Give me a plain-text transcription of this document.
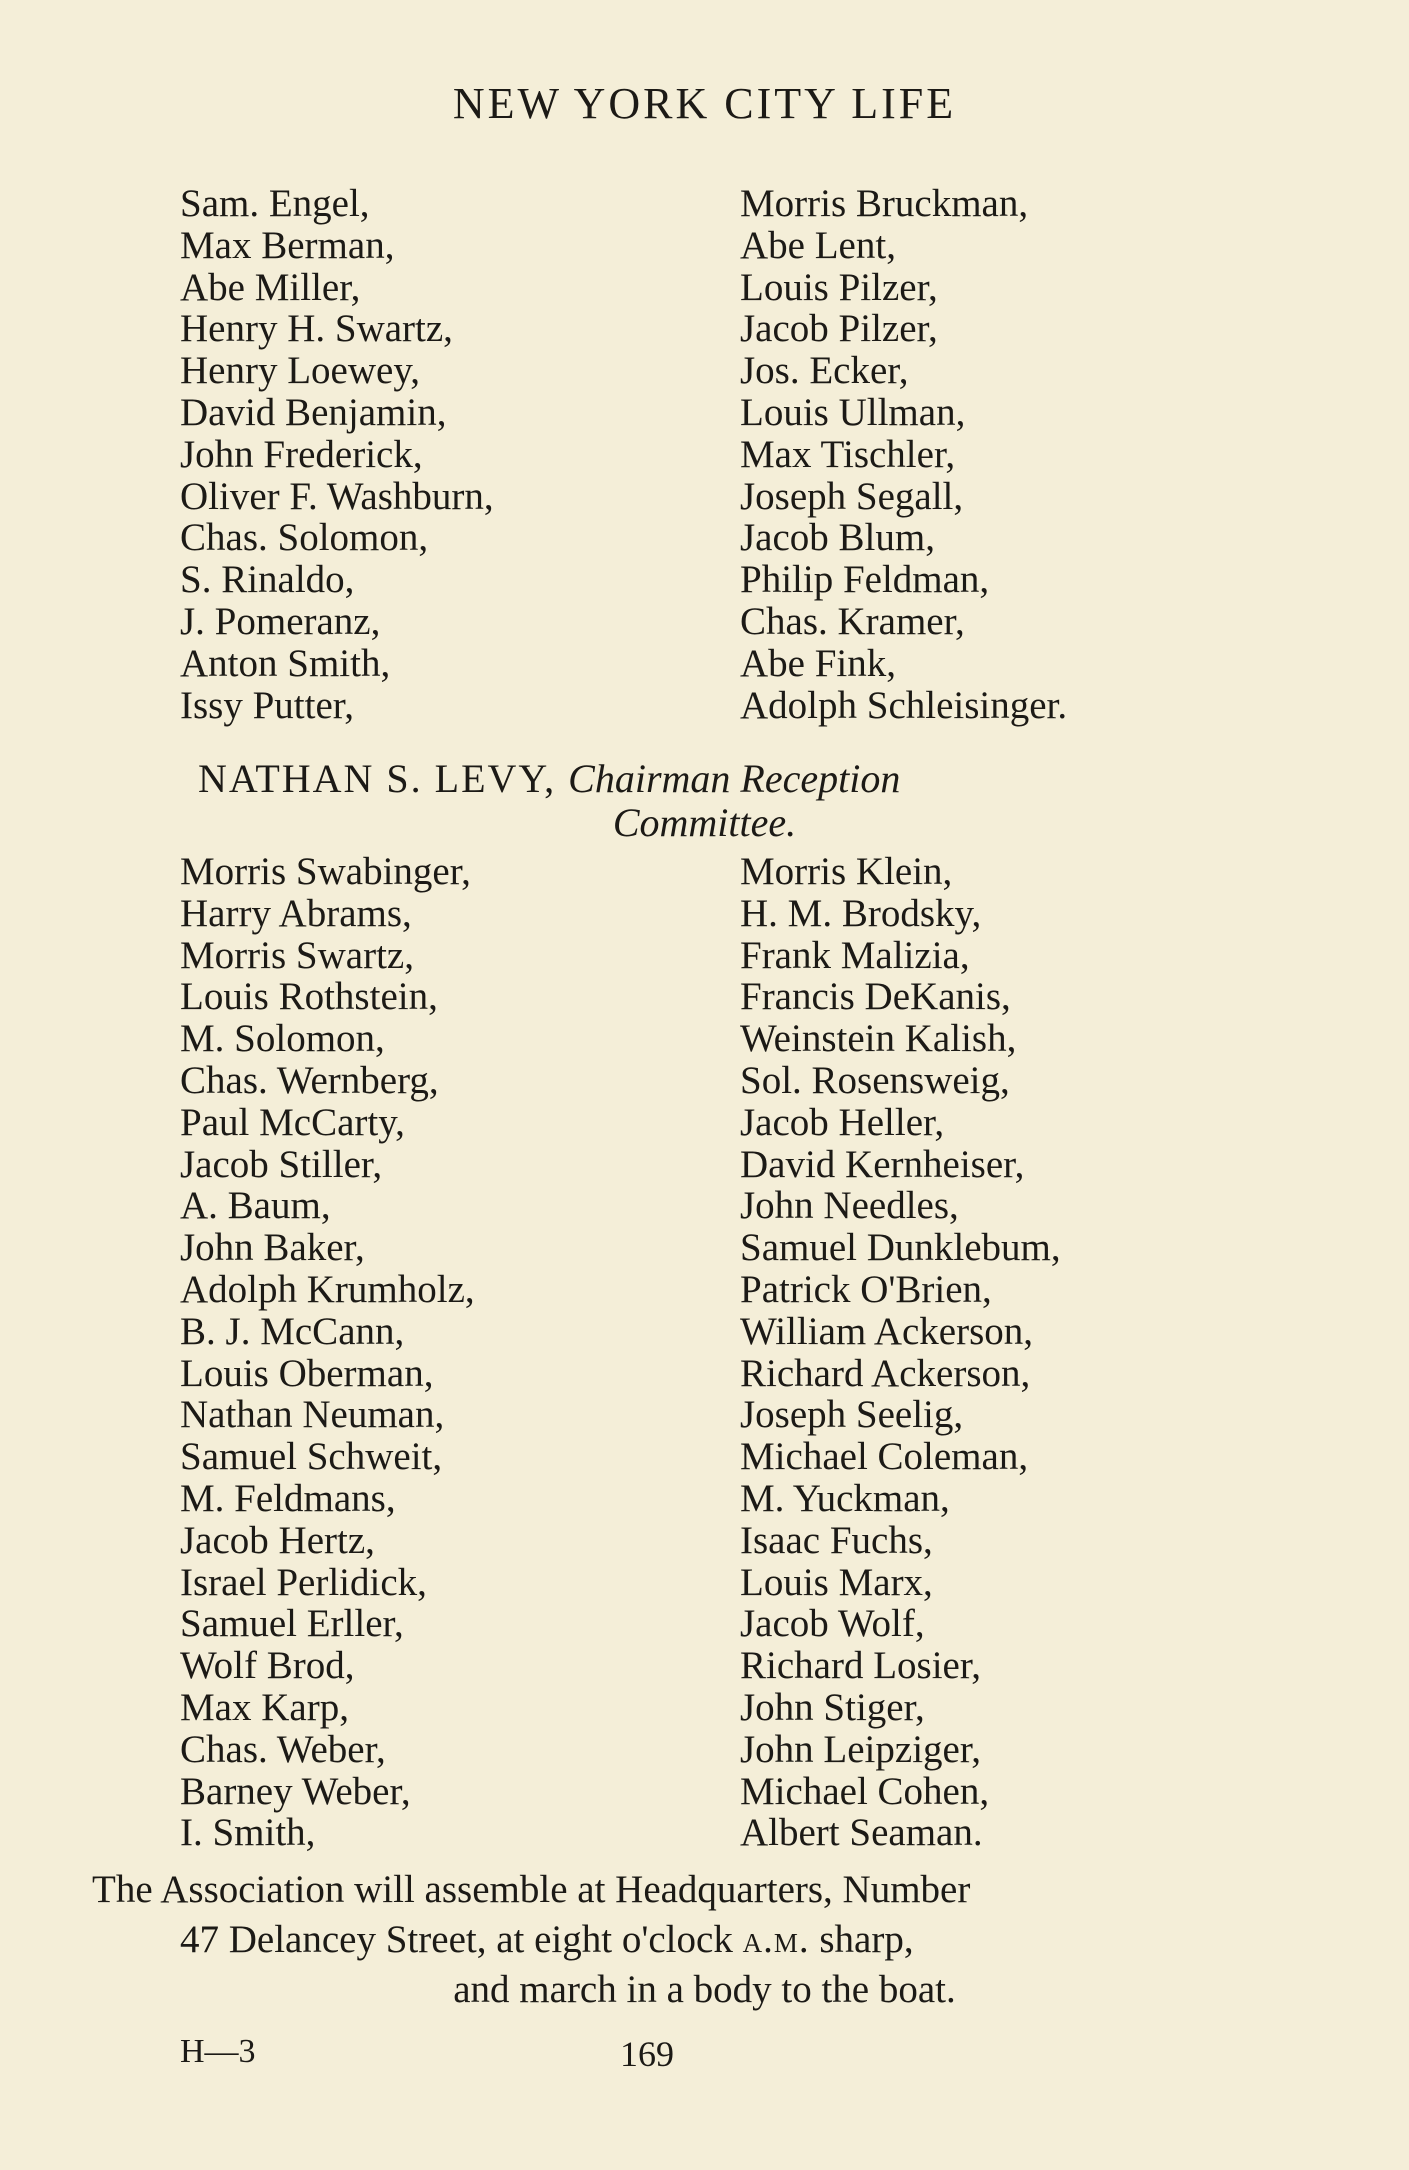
NEW YORK CITY LIFE
Sam. Engel,
Max Berman,
Abe Miller,
Henry H. Swartz,
Henry Loewey,
David Benjamin,
John Frederick,
Oliver F. Washburn,
Chas. Solomon,
S. Rinaldo,
J. Pomeranz,
Anton Smith,
Issy Putter,
Morris Bruckman,
Abe Lent,
Louis Pilzer,
Jacob Pilzer,
Jos. Ecker,
Louis Ullman,
Max Tischler,
Joseph Segall,
Jacob Blum,
Philip Feldman,
Chas. Kramer,
Abe Fink,
Adolph Schleisinger.
NATHAN S. LEVY, Chairman Reception
Committee.
Morris Swabinger,
Harry Abrams,
Morris Swartz,
Louis Rothstein,
M. Solomon,
Chas. Wernberg,
Paul McCarty,
Jacob Stiller,
A. Baum,
John Baker,
Adolph Krumholz,
B. J. McCann,
Louis Oberman,
Nathan Neuman,
Samuel Schweit,
M. Feldmans,
Jacob Hertz,
Israel Perlidick,
Samuel Erller,
Wolf Brod,
Max Karp,
Chas. Weber,
Barney Weber,
I. Smith,
Morris Klein,
H. M. Brodsky,
Frank Malizia,
Francis DeKanis,
Weinstein Kalish,
Sol. Rosensweig,
Jacob Heller,
David Kernheiser,
John Needles,
Samuel Dunklebum,
Patrick O'Brien,
William Ackerson,
Richard Ackerson,
Joseph Seelig,
Michael Coleman,
M. Yuckman,
Isaac Fuchs,
Louis Marx,
Jacob Wolf,
Richard Losier,
John Stiger,
John Leipziger,
Michael Cohen,
Albert Seaman.
The Association will assemble at Headquarters, Number
47 Delancey Street, at eight o'clock a.m. sharp,
and march in a body to the boat.
H—3	169
